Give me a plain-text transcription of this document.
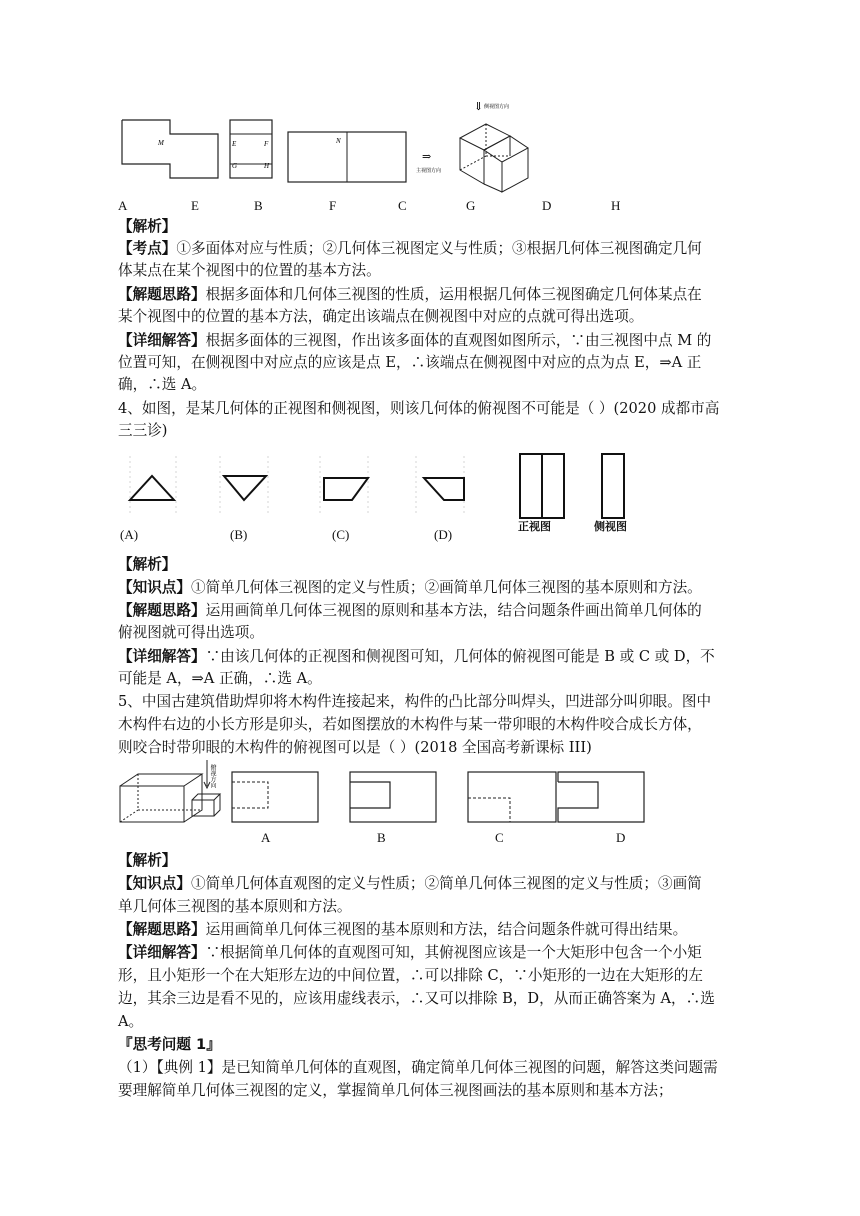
M	E	F
G	H
N
⇒
主视图方向
⇓ 侧视图方向
A	E	B	F	C	G	D	H
【解析】
【考点】①多面体对应与性质；②几何体三视图定义与性质；③根据几何体三视图确定几何
体某点在某个视图中的位置的基本方法。
【解题思路】根据多面体和几何体三视图的性质，运用根据几何体三视图确定几何体某点在
某个视图中的位置的基本方法，确定出该端点在侧视图中对应的点就可得出选项。
【详细解答】根据多面体的三视图，作出该多面体的直观图如图所示，∵由三视图中点 M 的
位置可知，在侧视图中对应点的应该是点 E，∴该端点在侧视图中对应的点为点 E，⇒A 正
确，∴选 A。
4、如图，是某几何体的正视图和侧视图，则该几何体的俯视图不可能是（ ）(2020 成都市高
三三诊)
(A)	(B)	(C)	(D)	正视图	侧视图
【解析】
【知识点】①简单几何体三视图的定义与性质；②画简单几何体三视图的基本原则和方法。
【解题思路】运用画简单几何体三视图的原则和基本方法，结合问题条件画出简单几何体的
俯视图就可得出选项。
【详细解答】∵由该几何体的正视图和侧视图可知，几何体的俯视图可能是 B 或 C 或 D，不
可能是 A，⇒A 正确，∴选 A。
5、中国古建筑借助焊卯将木构件连接起来，构件的凸比部分叫焊头，凹进部分叫卯眼。图中
木构件右边的小长方形是卯头，若如图摆放的木构件与某一带卯眼的木构件咬合成长方体，
则咬合时带卯眼的木构件的俯视图可以是（ ）(2018 全国高考新课标 III)
俯视方向
A	B	C	D
【解析】
【知识点】①简单几何体直观图的定义与性质；②简单几何体三视图的定义与性质；③画简
单几何体三视图的基本原则和方法。
【解题思路】运用画简单几何体三视图的基本原则和方法，结合问题条件就可得出结果。
【详细解答】∵根据简单几何体的直观图可知，其俯视图应该是一个大矩形中包含一个小矩
形，且小矩形一个在大矩形左边的中间位置，∴可以排除 C，∵小矩形的一边在大矩形的左
边，其余三边是看不见的，应该用虚线表示，∴又可以排除 B，D，从而正确答案为 A，∴选
A。
『思考问题 1』
（1）【典例 1】是已知简单几何体的直观图，确定简单几何体三视图的问题，解答这类问题需
要理解简单几何体三视图的定义，掌握简单几何体三视图画法的基本原则和基本方法；
